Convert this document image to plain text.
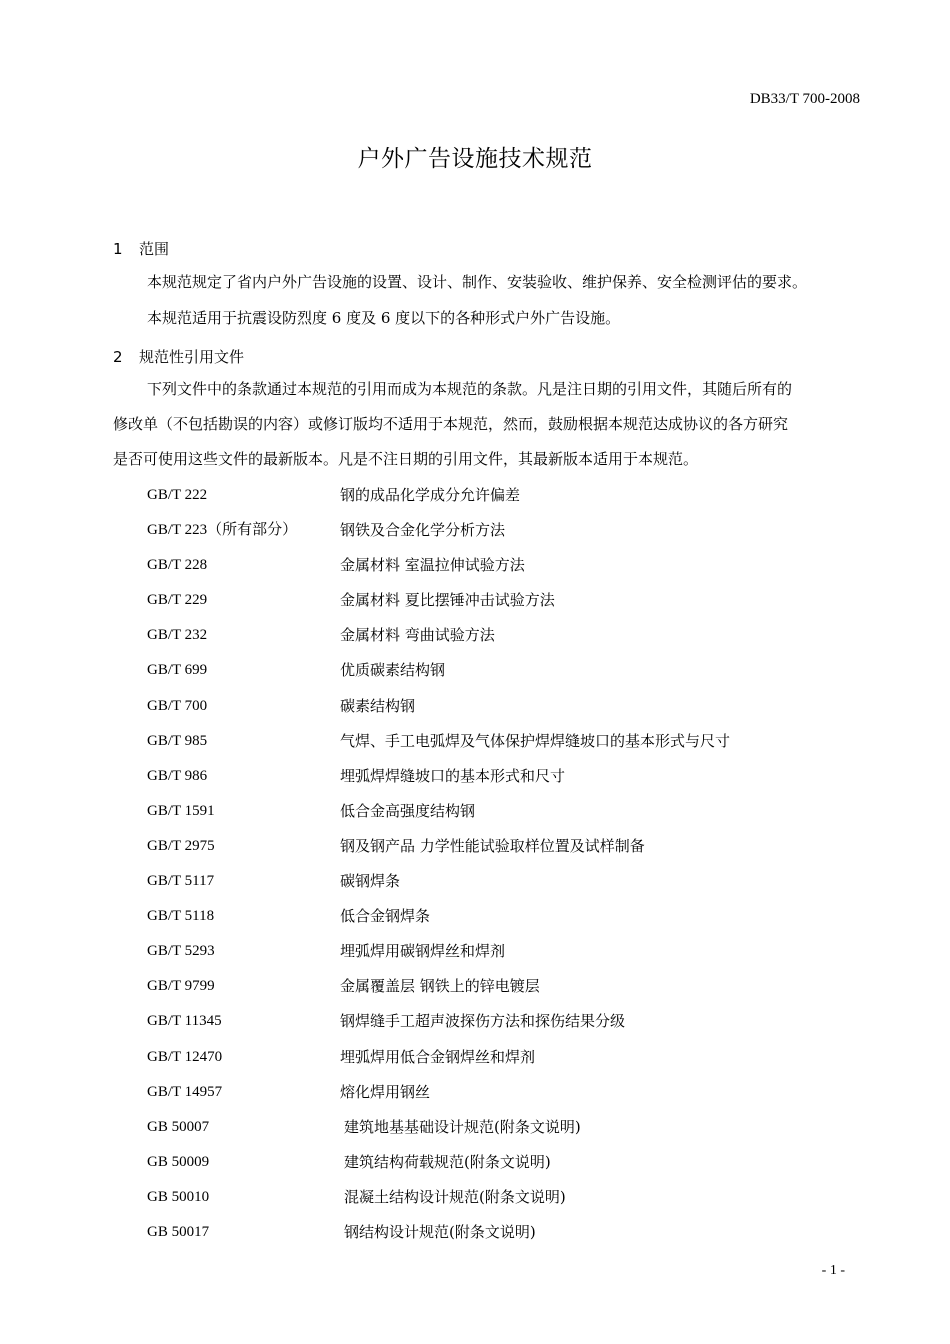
DB33/T 700-2008
户外广告设施技术规范
1 范围
本规范规定了省内户外广告设施的设置、设计、制作、安装验收、维护保养、安全检测评估的要求。
本规范适用于抗震设防烈度 6 度及 6 度以下的各种形式户外广告设施。
2 规范性引用文件
下列文件中的条款通过本规范的引用而成为本规范的条款。凡是注日期的引用文件，其随后所有的
修改单（不包括勘误的内容）或修订版均不适用于本规范，然而，鼓励根据本规范达成协议的各方研究
是否可使用这些文件的最新版本。凡是不注日期的引用文件，其最新版本适用于本规范。
GB/T 222	钢的成品化学成分允许偏差
GB/T 223（所有部分）	钢铁及合金化学分析方法
GB/T 228	金属材料 室温拉伸试验方法
GB/T 229	金属材料 夏比摆锤冲击试验方法
GB/T 232	金属材料 弯曲试验方法
GB/T 699	优质碳素结构钢
GB/T 700	碳素结构钢
GB/T 985	气焊、手工电弧焊及气体保护焊焊缝坡口的基本形式与尺寸
GB/T 986	埋弧焊焊缝坡口的基本形式和尺寸
GB/T 1591	低合金高强度结构钢
GB/T 2975	钢及钢产品 力学性能试验取样位置及试样制备
GB/T 5117	碳钢焊条
GB/T 5118	低合金钢焊条
GB/T 5293	埋弧焊用碳钢焊丝和焊剂
GB/T 9799	金属覆盖层 钢铁上的锌电镀层
GB/T 11345	钢焊缝手工超声波探伤方法和探伤结果分级
GB/T 12470	埋弧焊用低合金钢焊丝和焊剂
GB/T 14957	熔化焊用钢丝
GB 50007	建筑地基基础设计规范(附条文说明)
GB 50009	建筑结构荷载规范(附条文说明)
GB 50010	混凝土结构设计规范(附条文说明)
GB 50017	钢结构设计规范(附条文说明)
- 1 -
